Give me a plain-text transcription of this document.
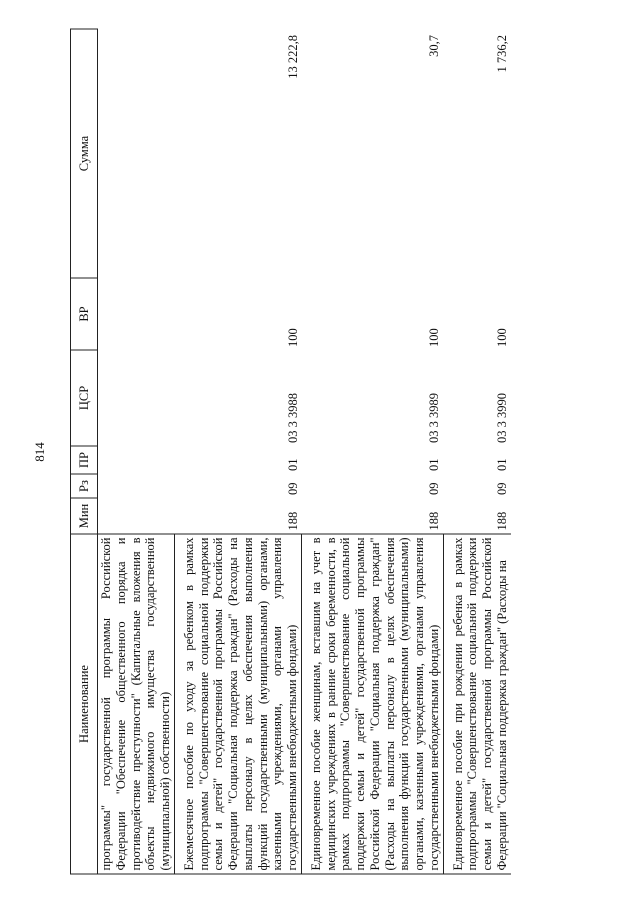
814
Наименование	Мин	Рз	ПР	ЦСР	ВР	Сумма
программы" государственной программы Российской Федерации "Обеспечение общественного порядка и противодействие преступности" (Капитальные вложения в объекты недвижимого имущества государственной (муниципальной) собственности)						

Ежемесячное пособие по уходу за ребенком в рамках подпрограммы "Совершенствование социальной поддержки семьи и детей" государственной программы Российской Федерации "Социальная поддержка граждан" (Расходы на выплаты персоналу в целях обеспечения выполнения функций государственными (муниципальными) органами, казенными учреждениями, органами управления государственными внебюджетными фондами)	188	09	01	03 3 3988	100	13 222,8

Единовременное пособие женщинам, вставшим на учет в медицинских учреждениях в ранние сроки беременности, в рамках подпрограммы "Совершенствование социальной поддержки семьи и детей" государственной программы Российской Федерации "Социальная поддержка граждан" (Расходы на выплаты персоналу в целях обеспечения выполнения функций государственными (муниципальными) органами, казенными учреждениями, органами управления государственными внебюджетными фондами)	188	09	01	03 3 3989	100	30,7

Единовременное пособие при рождении ребенка в рамках подпрограммы "Совершенствование социальной поддержки семьи и детей" государственной программы Российской Федерации "Социальная поддержка граждан" (Расходы на	188	09	01	03 3 3990	100	1 736,2
